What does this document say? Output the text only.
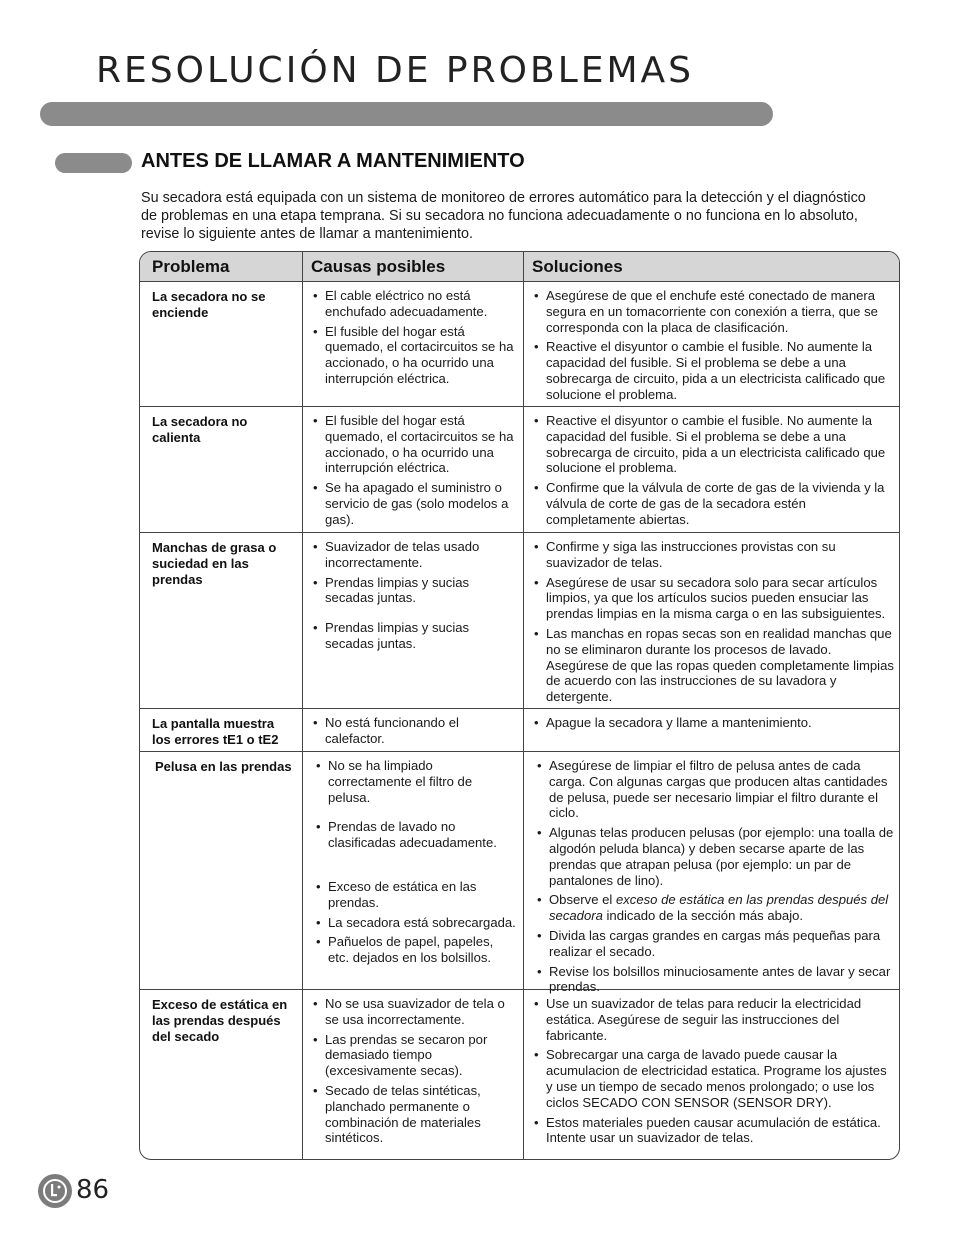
RESOLUCIÓN DE PROBLEMAS
ANTES DE LLAMAR A MANTENIMIENTO

Su secadora está equipada con un sistema de monitoreo de errores automático para la detección y el diagnóstico de problemas en una etapa temprana. Si su secadora no funciona adecuadamente o no funciona en lo absoluto, revise lo siguiente antes de llamar a mantenimiento.

Problema	Causas posibles	Soluciones
La secadora no se enciende
• El cable eléctrico no está enchufado adecuadamente.
• El fusible del hogar está quemado, el cortacircuitos se ha accionado, o ha ocurrido una interrupción eléctrica.
• Asegúrese de que el enchufe esté conectado de manera segura en un tomacorriente con conexión a tierra, que se corresponda con la placa de clasificación.
• Reactive el disyuntor o cambie el fusible. No aumente la capacidad del fusible. Si el problema se debe a una sobrecarga de circuito, pida a un electricista calificado que solucione el problema.
La secadora no calienta
• El fusible del hogar está quemado, el cortacircuitos se ha accionado, o ha ocurrido una interrupción eléctrica.
• Se ha apagado el suministro o servicio de gas (solo modelos a gas).
• Reactive el disyuntor o cambie el fusible. No aumente la capacidad del fusible. Si el problema se debe a una sobrecarga de circuito, pida a un electricista calificado que solucione el problema.
• Confirme que la válvula de corte de gas de la vivienda y la válvula de corte de gas de la secadora estén completamente abiertas.
Manchas de grasa o suciedad en las prendas
• Suavizador de telas usado incorrectamente.
• Prendas limpias y sucias secadas juntas.
• Prendas limpias y sucias secadas juntas.
• Confirme y siga las instrucciones provistas con su suavizador de telas.
• Asegúrese de usar su secadora solo para secar artículos limpios, ya que los artículos sucios pueden ensuciar las prendas limpias en la misma carga o en las subsiguientes.
• Las manchas en ropas secas son en realidad manchas que no se eliminaron durante los procesos de lavado. Asegúrese de que las ropas queden completamente limpias de acuerdo con las instrucciones de su lavadora y detergente.
La pantalla muestra los errores tE1 o tE2
• No está funcionando el calefactor.
• Apague la secadora y llame a mantenimiento.
Pelusa en las prendas
•	No se ha limpiado correctamente el filtro de pelusa.
• Prendas de lavado no clasificadas adecuadamente.
• Exceso de estática en las prendas.
• La secadora está sobrecargada.
• Pañuelos de papel, papeles, etc. dejados en los bolsillos.
• Asegúrese de limpiar el filtro de pelusa antes de cada carga. Con algunas cargas que producen altas cantidades de pelusa, puede ser necesario limpiar el filtro durante el ciclo.
• Algunas telas producen pelusas (por ejemplo: una toalla de algodón peluda blanca) y deben secarse aparte de las prendas que atrapan pelusa (por ejemplo: un par de pantalones de lino).
• Observe el exceso de estática en las prendas después del secadora indicado de la sección más abajo.
• Divida las cargas grandes en cargas más pequeñas para realizar el secado.
• Revise los bolsillos minuciosamente antes de lavar y secar prendas.
Exceso de estática en las prendas después del secado
• No se usa suavizador de tela o se usa incorrectamente.
• Las prendas se secaron por demasiado tiempo (excesivamente secas).
• Secado de telas sintéticas, planchado permanente o combinación de materiales sintéticos.
• Use un suavizador de telas para reducir la electricidad estática. Asegúrese de seguir las instrucciones del fabricante.
• Sobrecargar una carga de lavado puede causar la acumulacion de electricidad estatica. Programe los ajustes y use un tiempo de secado menos prolongado; o use los ciclos SECADO CON SENSOR (SENSOR DRY).
• Estos materiales pueden causar acumulación de estática. Intente usar un suavizador de telas.
86
